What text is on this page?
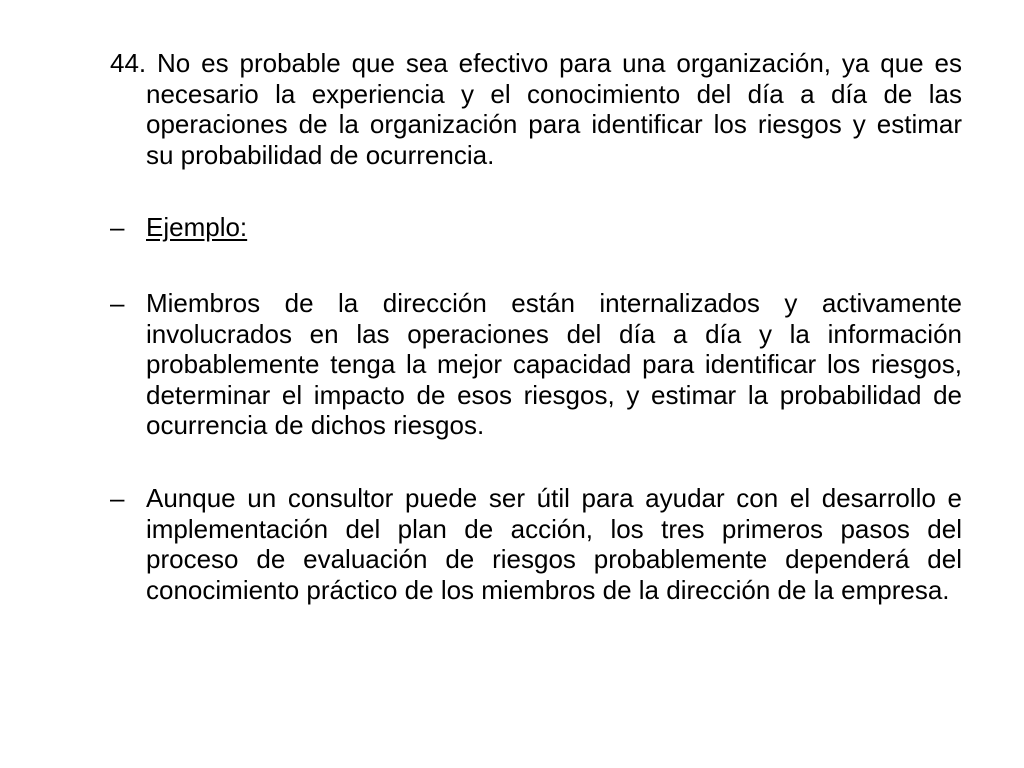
44. No es probable que sea efectivo para una organización, ya que es necesario la experiencia y el conocimiento del día a día de las operaciones de la organización para identificar los riesgos y estimar su probabilidad de ocurrencia.
– Ejemplo:
– Miembros de la dirección están internalizados y activamente involucrados en las operaciones del día a día y la información probablemente tenga la mejor capacidad para identificar los riesgos, determinar el impacto de esos riesgos, y estimar la probabilidad de ocurrencia de dichos riesgos.
– Aunque un consultor puede ser útil para ayudar con el desarrollo e implementación del plan de acción, los tres primeros pasos del proceso de evaluación de riesgos probablemente dependerá del conocimiento práctico de los miembros de la dirección de la empresa.
